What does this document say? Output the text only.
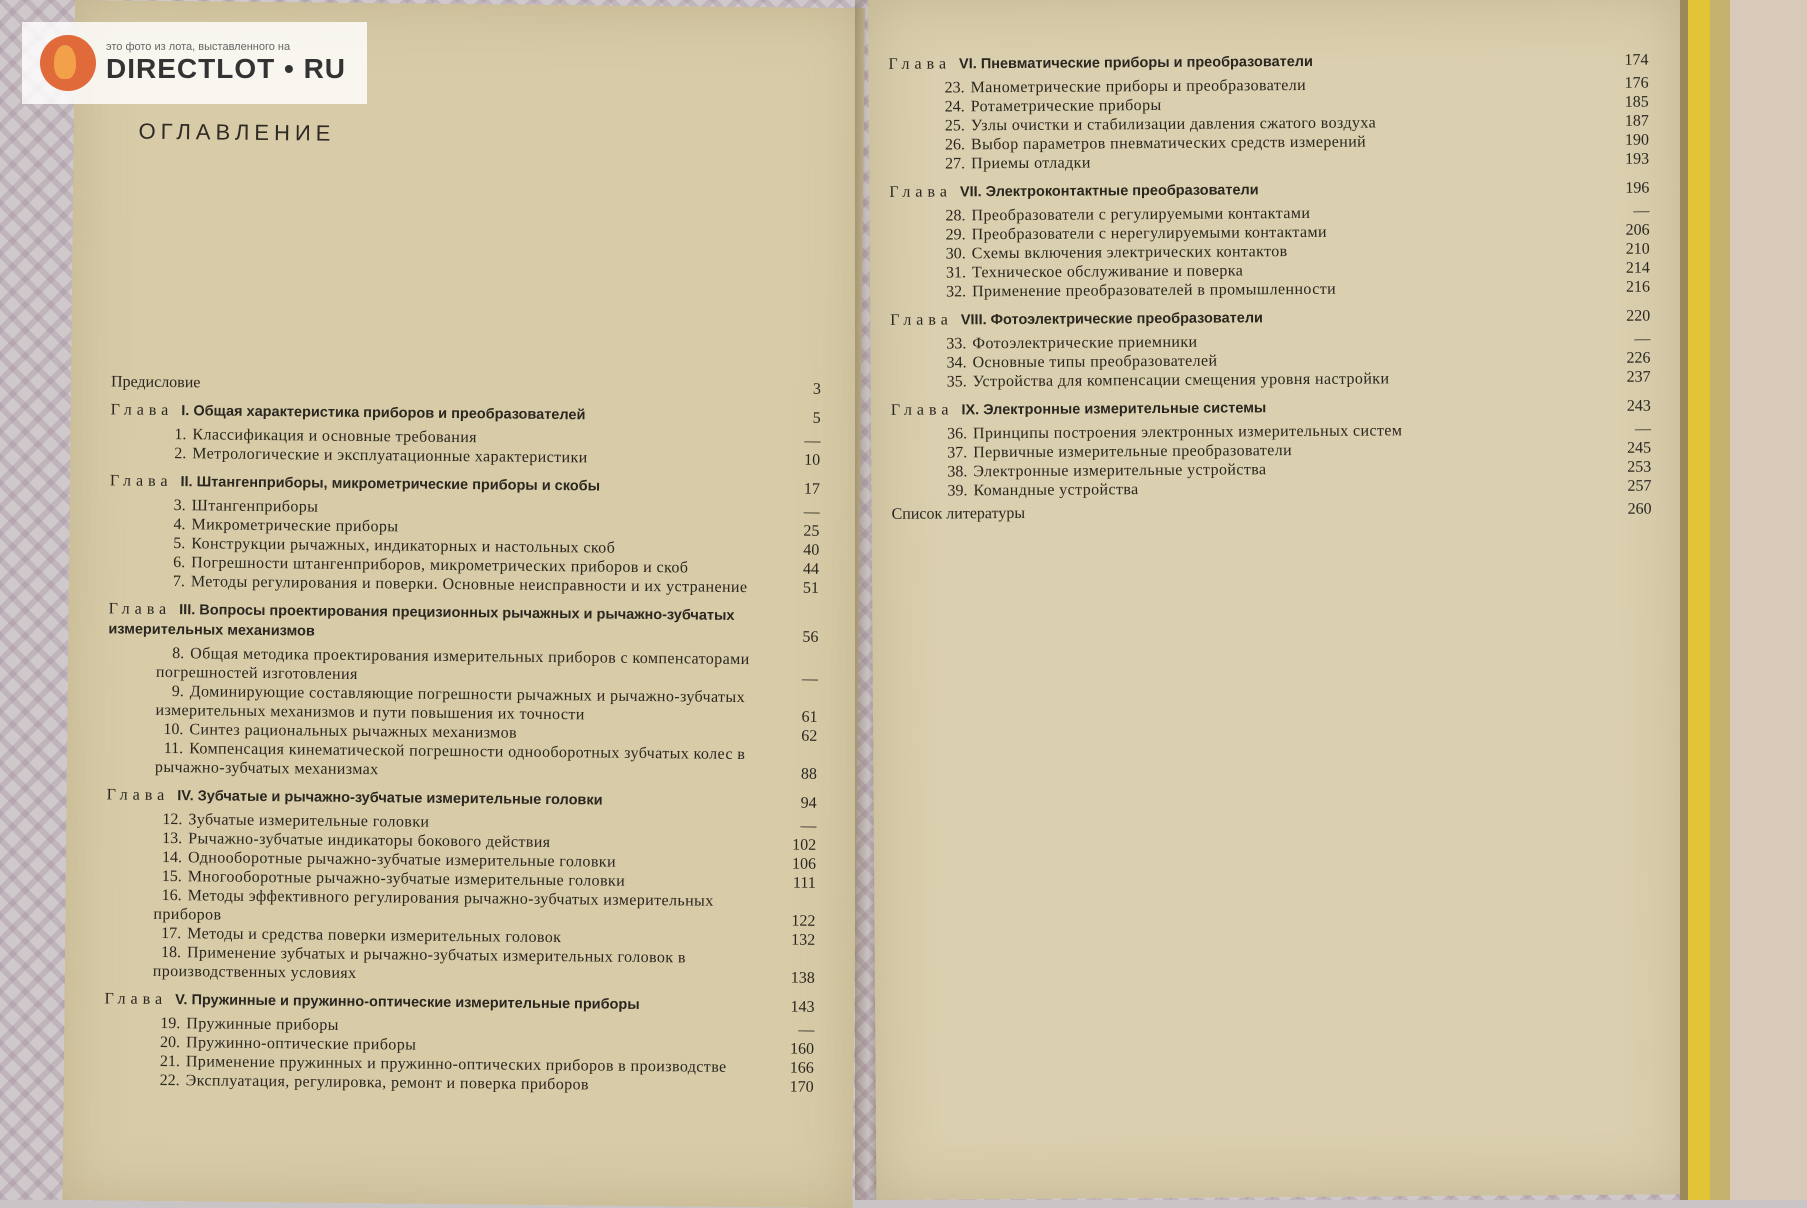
ОГЛАВЛЕНИЕ
Предисловие	3
Глава I. Общая характеристика приборов и преобразователей	5
1. Классификация и основные требования	—
2. Метрологические и эксплуатационные характеристики	10
Глава II. Штангенприборы, микрометрические приборы и скобы	17
3. Штангенприборы	—
4. Микрометрические приборы	25
5. Конструкции рычажных, индикаторных и настольных скоб	40
6. Погрешности штангенприборов, микрометрических приборов и скоб	44
7. Методы регулирования и поверки. Основные неисправности и их устранение	51
Глава III. Вопросы проектирования прецизионных рычажных и рычажно-зубчатых измерительных механизмов	56
8. Общая методика проектирования измерительных приборов с компенсаторами погрешностей изготовления	—
9. Доминирующие составляющие погрешности рычажных и рычажно-зубчатых измерительных механизмов и пути повышения их точности	61
10. Синтез рациональных рычажных механизмов	62
11. Компенсация кинематической погрешности однооборотных зубчатых колес в рычажно-зубчатых механизмах	88
Глава IV. Зубчатые и рычажно-зубчатые измерительные головки	94
12. Зубчатые измерительные головки	—
13. Рычажно-зубчатые индикаторы бокового действия	102
14. Однооборотные рычажно-зубчатые измерительные головки	106
15. Многооборотные рычажно-зубчатые измерительные головки	111
16. Методы эффективного регулирования рычажно-зубчатых измерительных приборов	122
17. Методы и средства поверки измерительных головок	132
18. Применение зубчатых и рычажно-зубчатых измерительных головок в производственных условиях	138
Глава V. Пружинные и пружинно-оптические измерительные приборы	143
19. Пружинные приборы	—
20. Пружинно-оптические приборы	160
21. Применение пружинных и пружинно-оптических приборов в производстве	166
22. Эксплуатация, регулировка, ремонт и поверка приборов	170
Глава VI. Пневматические приборы и преобразователи	174
23. Манометрические приборы и преобразователи	176
24. Ротаметрические приборы	185
25. Узлы очистки и стабилизации давления сжатого воздуха	187
26. Выбор параметров пневматических средств измерений	190
27. Приемы отладки	193
Глава VII. Электроконтактные преобразователи	196
28. Преобразователи с регулируемыми контактами	—
29. Преобразователи с нерегулируемыми контактами	206
30. Схемы включения электрических контактов	210
31. Техническое обслуживание и поверка	214
32. Применение преобразователей в промышленности	216
Глава VIII. Фотоэлектрические преобразователи	220
33. Фотоэлектрические приемники	—
34. Основные типы преобразователей	226
35. Устройства для компенсации смещения уровня настройки	237
Глава IX. Электронные измерительные системы	243
36. Принципы построения электронных измерительных систем	—
37. Первичные измерительные преобразователи	245
38. Электронные измерительные устройства	253
39. Командные устройства	257
Список литературы	260
это фото из лота, выставленного на
DIRECTLOT • RU
